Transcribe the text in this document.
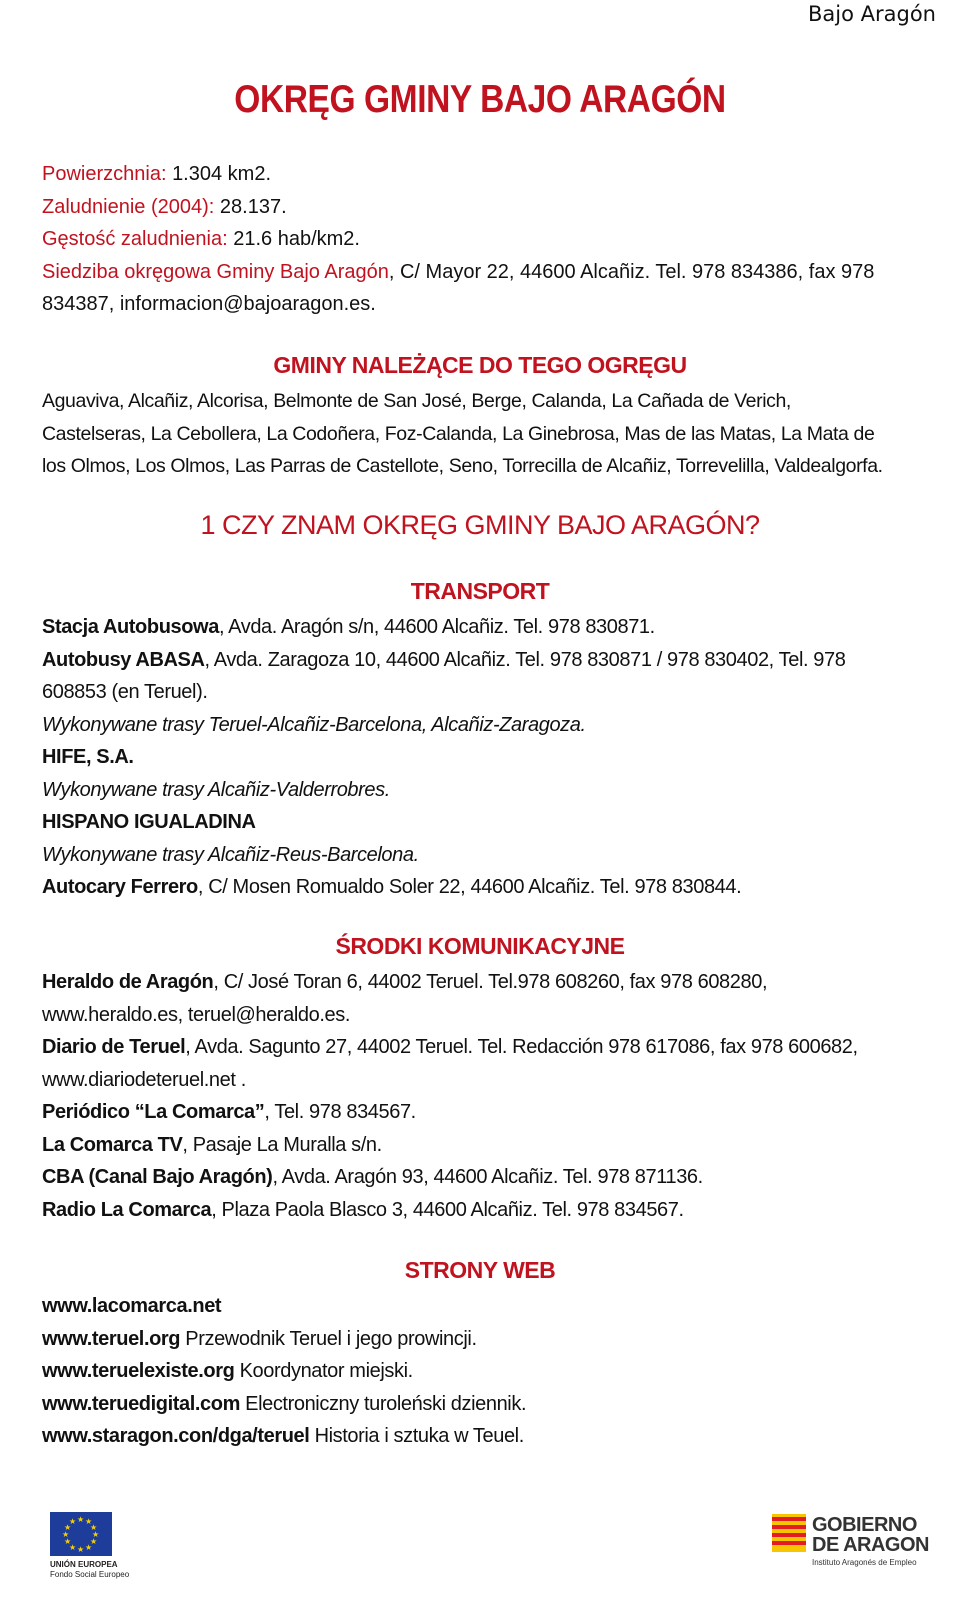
Bajo Aragón
OKRĘG GMINY BAJO ARAGÓN
Powierzchnia: 1.304 km2.
Zaludnienie (2004): 28.137.
Gęstość zaludnienia: 21.6 hab/km2.
Siedziba okręgowa Gminy Bajo Aragón, C/ Mayor 22, 44600 Alcañiz. Tel. 978 834386, fax 978
834387, informacion@bajoaragon.es.
GMINY NALEŻĄCE DO TEGO OGRĘGU
Aguaviva, Alcañiz, Alcorisa, Belmonte de San José, Berge, Calanda, La Cañada de Verich,
Castelseras, La Cebollera, La Codoñera, Foz-Calanda, La Ginebrosa, Mas de las Matas, La Mata de
los Olmos, Los Olmos, Las Parras de Castellote, Seno, Torrecilla de Alcañiz, Torrevelilla, Valdealgorfa.
1 CZY ZNAM OKRĘG GMINY BAJO ARAGÓN?
TRANSPORT
Stacja Autobusowa, Avda. Aragón s/n, 44600 Alcañiz. Tel. 978 830871.
Autobusy ABASA, Avda. Zaragoza 10, 44600 Alcañiz. Tel. 978 830871 / 978 830402, Tel. 978
608853 (en Teruel).
Wykonywane trasy Teruel-Alcañiz-Barcelona, Alcañiz-Zaragoza.
HIFE, S.A.
Wykonywane trasy Alcañiz-Valderrobres.
HISPANO IGUALADINA
Wykonywane trasy Alcañiz-Reus-Barcelona.
Autocary Ferrero, C/ Mosen Romualdo Soler 22, 44600 Alcañiz. Tel. 978 830844.
ŚRODKI KOMUNIKACYJNE
Heraldo de Aragón, C/ José Toran 6, 44002 Teruel. Tel.978 608260, fax 978 608280,
www.heraldo.es, teruel@heraldo.es.
Diario de Teruel, Avda. Sagunto 27, 44002 Teruel. Tel. Redacción 978 617086, fax 978 600682,
www.diariodeteruel.net .
Periódico “La Comarca”, Tel. 978 834567.
La Comarca TV, Pasaje La Muralla s/n.
CBA (Canal Bajo Aragón), Avda. Aragón 93, 44600 Alcañiz. Tel. 978 871136.
Radio La Comarca, Plaza Paola Blasco 3, 44600 Alcañiz. Tel. 978 834567.
STRONY WEB
www.lacomarca.net
www.teruel.org Przewodnik Teruel i jego prowincji.
www.teruelexiste.org Koordynator miejski.
www.teruedigital.com Electroniczny turoleński dziennik.
www.staragon.con/dga/teruel Historia i sztuka w Teuel.
★ ★
★
★
★
★
★
★
★
★
★
★
UNIÓN EUROPEA
Fondo Social Europeo
GOBIERNO
DE ARAGON
Instituto Aragonés de Empleo
